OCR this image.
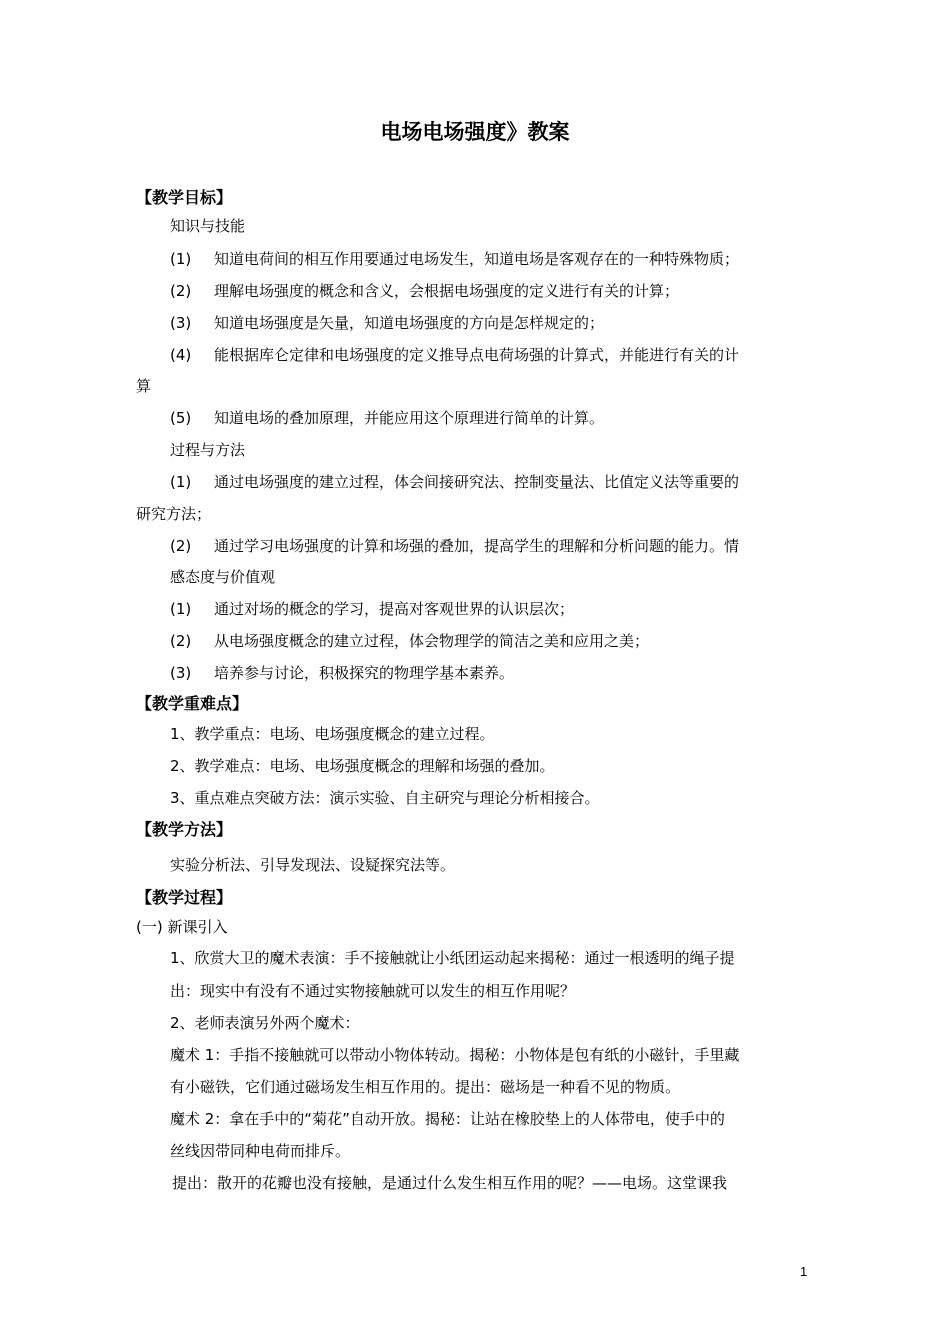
电场电场强度》教案
【教学目标】
知识与技能
(1) 知道电荷间的相互作用要通过电场发生，知道电场是客观存在的一种特殊物质；
(2) 理解电场强度的概念和含义，会根据电场强度的定义进行有关的计算；
(3) 知道电场强度是矢量，知道电场强度的方向是怎样规定的；
(4) 能根据库仑定律和电场强度的定义推导点电荷场强的计算式，并能进行有关的计
算
(5) 知道电场的叠加原理，并能应用这个原理进行简单的计算。
过程与方法
(1) 通过电场强度的建立过程，体会间接研究法、控制变量法、比值定义法等重要的
研究方法；
(2) 通过学习电场强度的计算和场强的叠加，提高学生的理解和分析问题的能力。情
感态度与价值观
(1) 通过对场的概念的学习，提高对客观世界的认识层次；
(2) 从电场强度概念的建立过程，体会物理学的简洁之美和应用之美；
(3) 培养参与讨论，积极探究的物理学基本素养。
【教学重难点】
1、教学重点：电场、电场强度概念的建立过程。
2、教学难点：电场、电场强度概念的理解和场强的叠加。
3、重点难点突破方法：演示实验、自主研究与理论分析相接合。
【教学方法】
实验分析法、引导发现法、设疑探究法等。
【教学过程】
(一) 新课引入
1、欣赏大卫的魔术表演：手不接触就让小纸团运动起来揭秘：通过一根透明的绳子提
出：现实中有没有不通过实物接触就可以发生的相互作用呢？
2、老师表演另外两个魔术：
魔术 1：手指不接触就可以带动小物体转动。揭秘：小物体是包有纸的小磁针，手里藏
有小磁铁，它们通过磁场发生相互作用的。提出：磁场是一种看不见的物质。
魔术 2：拿在手中的“菊花”自动开放。揭秘：让站在橡胶垫上的人体带电，使手中的
丝线因带同种电荷而排斥。
提出：散开的花瓣也没有接触，是通过什么发生相互作用的呢？——电场。这堂课我
1
